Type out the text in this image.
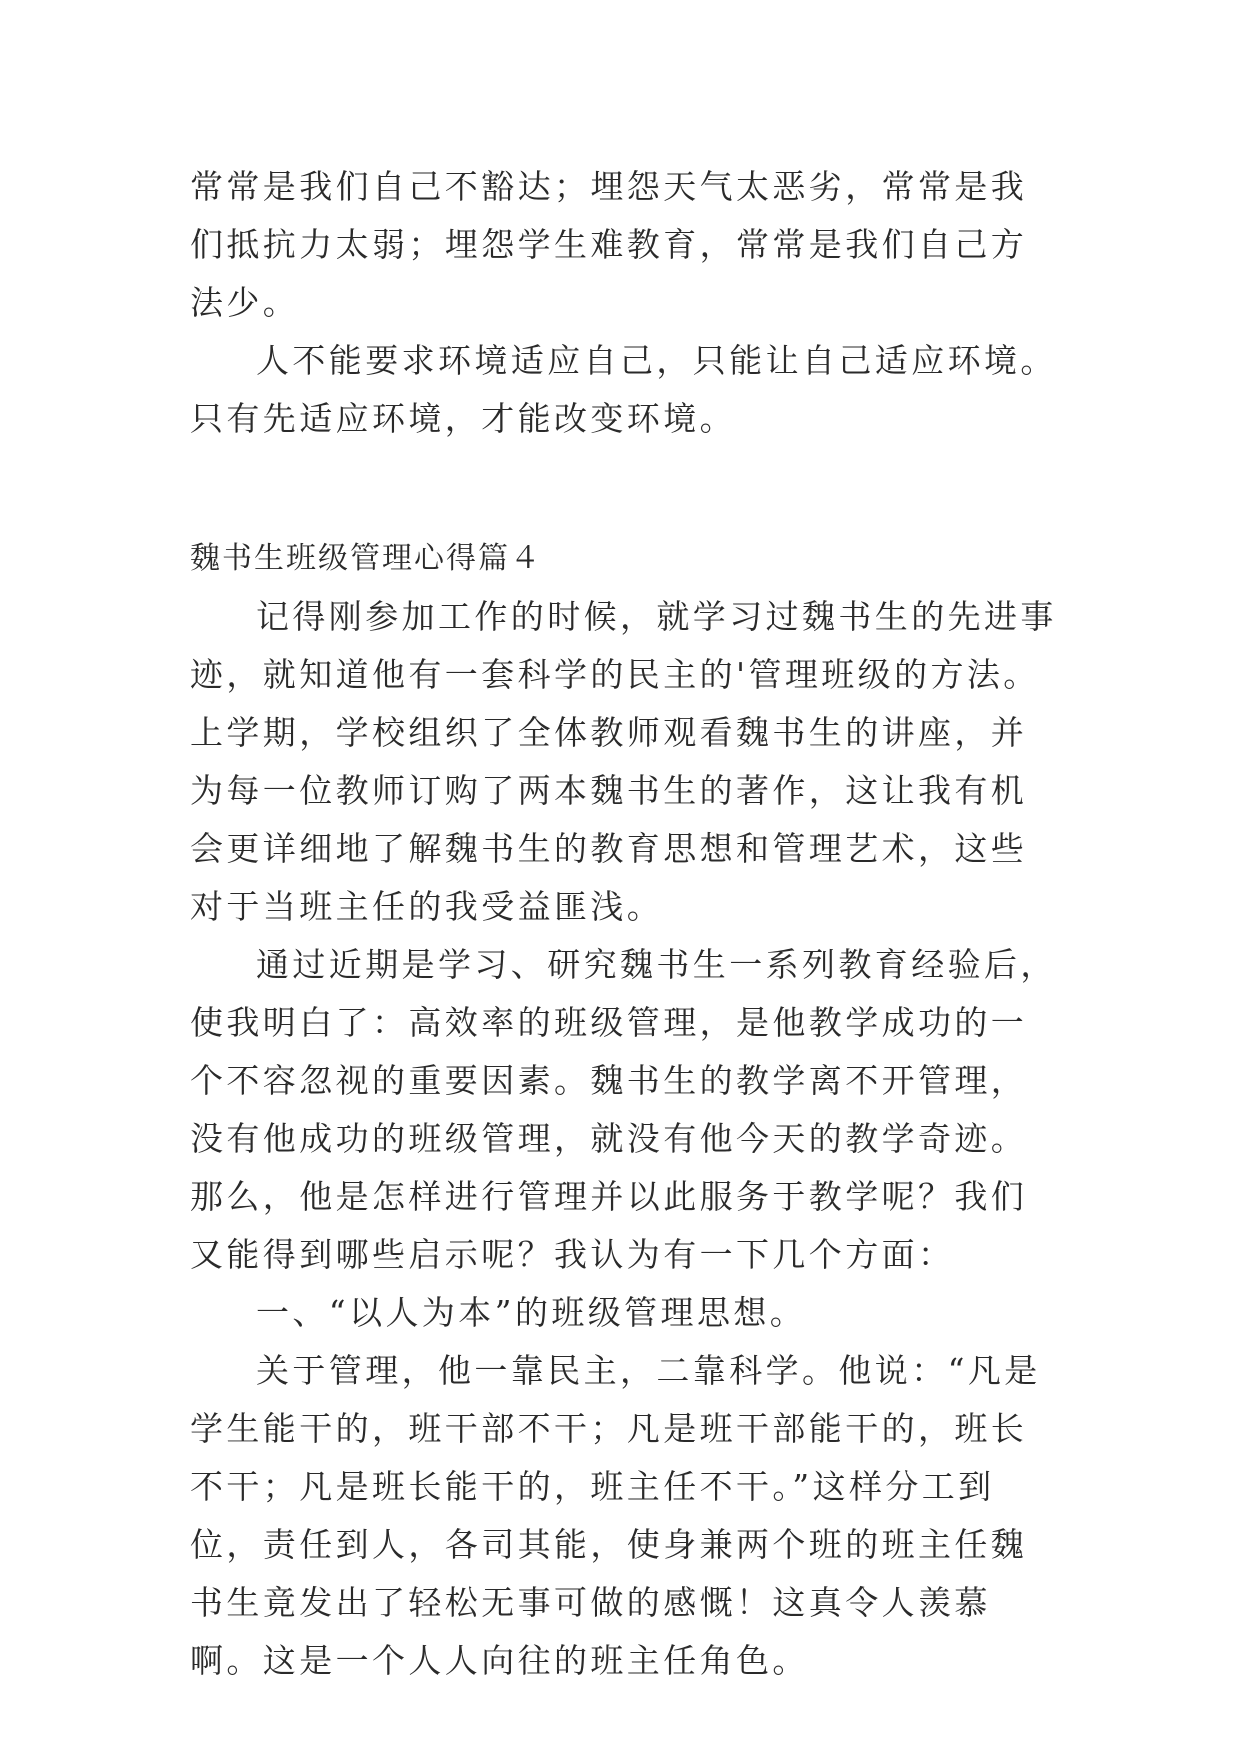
常常是我们自己不豁达；埋怨天气太恶劣，常常是我们抵抗力太弱；埋怨学生难教育，常常是我们自己方法少。

人不能要求环境适应自己，只能让自己适应环境。只有先适应环境，才能改变环境。

魏书生班级管理心得篇４

记得刚参加工作的时候，就学习过魏书生的先进事迹，就知道他有一套科学的民主的'管理班级的方法。上学期，学校组织了全体教师观看魏书生的讲座，并为每一位教师订购了两本魏书生的著作，这让我有机会更详细地了解魏书生的教育思想和管理艺术，这些对于当班主任的我受益匪浅。

通过近期是学习、研究魏书生一系列教育经验后，使我明白了：高效率的班级管理，是他教学成功的一个不容忽视的重要因素。魏书生的教学离不开管理，没有他成功的班级管理，就没有他今天的教学奇迹。那么，他是怎样进行管理并以此服务于教学呢？我们又能得到哪些启示呢？我认为有一下几个方面：

一、“以人为本”的班级管理思想。

关于管理，他一靠民主，二靠科学。他说：“凡是学生能干的，班干部不干；凡是班干部能干的，班长不干；凡是班长能干的，班主任不干。”这样分工到位，责任到人，各司其能，使身兼两个班的班主任魏书生竟发出了轻松无事可做的感慨！这真令人羡慕啊。这是一个人人向往的班主任角色。
